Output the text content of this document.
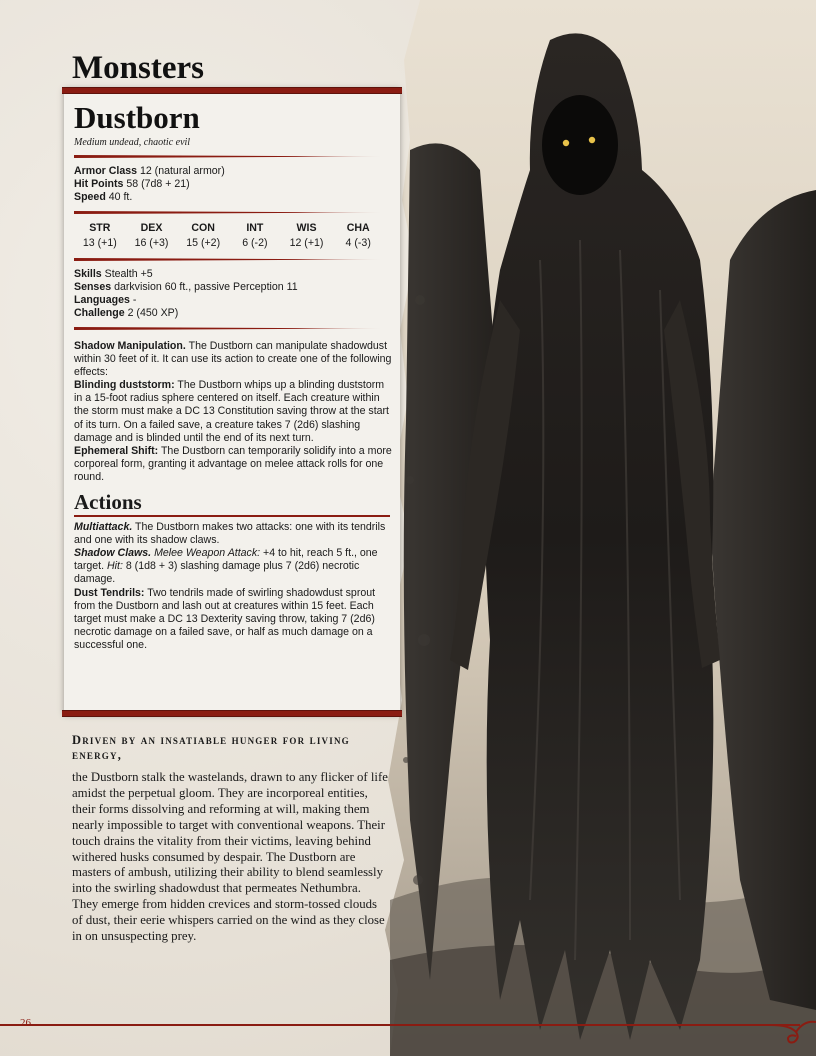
Monsters
Dustborn

Medium undead, chaotic evil

Armor Class 12 (natural armor)

Hit Points 58 (7d8 + 21)

Speed 40 ft.

STR
13 (+1)
DEX
16 (+3)
CON
15 (+2)
INT
6 (-2)
WIS
12 (+1)
CHA
4 (-3)

Skills Stealth +5

Senses darkvision 60 ft., passive Perception 11

Languages -

Challenge 2 (450 XP)

Shadow Manipulation. The Dustborn can manipulate shadowdust within 30 feet of it. It can use its action to create one of the following effects:

Blinding duststorm: The Dustborn whips up a blinding duststorm in a 15-foot radius sphere centered on itself. Each creature within the storm must make a DC 13 Constitution saving throw at the start of its turn. On a failed save, a creature takes 7 (2d6) slashing damage and is blinded until the end of its next turn.

Ephemeral Shift: The Dustborn can temporarily solidify into a more corporeal form, granting it advantage on melee attack rolls for one round.

Actions

Multiattack. The Dustborn makes two attacks: one with its tendrils and one with its shadow claws.

Shadow Claws. Melee Weapon Attack: +4 to hit, reach 5 ft., one target. Hit: 8 (1d8 + 3) slashing damage plus 7 (2d6) necrotic damage.

Dust Tendrils: Two tendrils made of swirling shadowdust sprout from the Dustborn and lash out at creatures within 15 feet. Each target must make a DC 13 Dexterity saving throw, taking 7 (2d6) necrotic damage on a failed save, or half as much damage on a successful one.

Driven by an insatiable hunger for living energy,

the Dustborn stalk the wastelands, drawn to any flicker of life amidst the perpetual gloom. They are incorporeal entities, their forms dissolving and reforming at will, making them nearly impossible to target with conventional weapons. Their touch drains the vitality from their victims, leaving behind withered husks consumed by despair. The Dustborn are masters of ambush, utilizing their ability to blend seamlessly into the swirling shadowdust that permeates Nethumbra. They emerge from hidden crevices and storm-tossed clouds of dust, their eerie whispers carried on the wind as they close in on unsuspecting prey.

26
